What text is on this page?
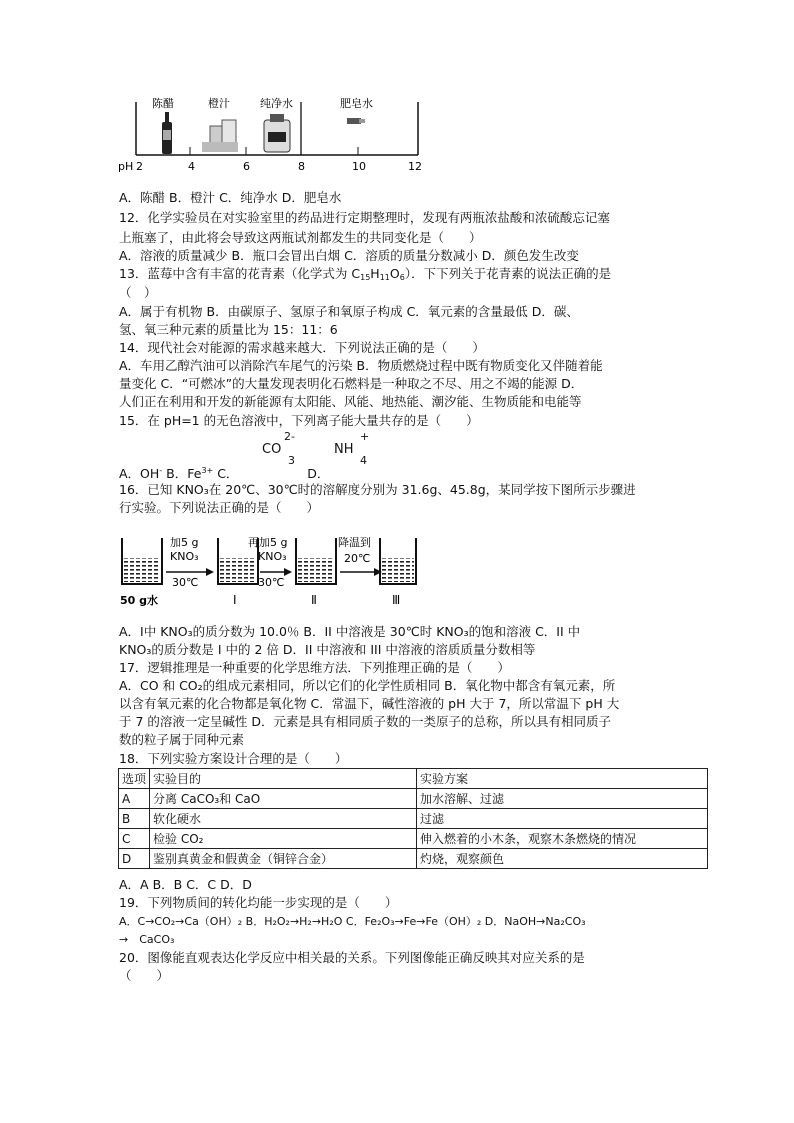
陈醋	橙汁	纯净水	肥皂水
pH 2	4	6	8	10	12
A．陈醋 B．橙汁 C．纯净水 D．肥皂水
12．化学实验员在对实验室里的药品进行定期整理时，发现有两瓶浓盐酸和浓硫酸忘记塞
上瓶塞了，由此将会导致这两瓶试剂都发生的共同变化是（　　）
A．溶液的质量减少 B．瓶口会冒出白烟 C．溶质的质量分数减小 D．颜色发生改变
13．蓝莓中含有丰富的花青素（化学式为 $C_{15}H_{11}O_6$）．下下列关于花青素的说法正确的是
（　）
A．属于有机物 B．由碳原子、氢原子和氧原子构成 C．氧元素的含量最低 D．碳、
氢、氧三种元素的质量比为 15：11：6
14．现代社会对能源的需求越来越大．下列说法正确的是（　　）
A．车用乙醇汽油可以消除汽车尾气的污染 B．物质燃烧过程中既有物质变化又伴随着能
量变化 C．“可燃冰”的大量发现表明化石燃料是一种取之不尽、用之不竭的能源 D．
人们正在利用和开发的新能源有太阳能、风能、地热能、潮汐能、生物质能和电能等
15．在 pH=1 的无色溶液中，下列离子能大量共存的是（　　）
2-
CO
3
+
NH
4
A．OH- B．$Fe^{3+}$ C．　　　　　　D．
16．已知 KNO₃在 20℃、30℃时的溶解度分别为 31.6g、45.8g，某同学按下图所示步骤进
行实验。下列说法正确的是（　　）
加5 g
KNO₃
30℃
再加5 g
KNO₃
30℃
降温到
20℃
50 g水	Ⅰ	Ⅱ	Ⅲ
A．Ⅰ中 KNO₃的质分数为 10.0％ B．II 中溶液是 30℃时 KNO₃的饱和溶液 C．II 中
KNO₃的质分数是 I 中的 2 倍 D．II 中溶液和 III 中溶液的溶质质量分数相等
17．逻辑推理是一种重要的化学思维方法．下列推理正确的是（　　）
A．CO 和 CO₂的组成元素相同，所以它们的化学性质相同 B．氧化物中都含有氧元素，所
以含有氧元素的化合物都是氧化物 C．常温下，碱性溶液的 pH 大于 7，所以常温下 pH 大
于 7 的溶液一定呈碱性 D．元素是具有相同质子数的一类原子的总称，所以具有相同质子
数的粒子属于同种元素
18．下列实验方案设计合理的是（　　）
选项	实验目的	实验方案
A	分离 CaCO₃和 CaO	加水溶解、过滤
B	软化硬水	过滤
C	检验 CO₂	伸入燃着的小木条，观察木条燃烧的情况
D	鉴别真黄金和假黄金（铜锌合金）	灼烧，观察颜色
A．A B．B C．C D．D
19．下列物质间的转化均能一步实现的是（　　）
A．C→CO₂→Ca（OH）₂ B．H₂O₂→H₂→H₂O C．Fe₂O₃→Fe→Fe（OH）₂ D．NaOH→Na₂CO₃
→　CaCO₃
20．图像能直观表达化学反应中相关最的关系。下列图像能正确反映其对应关系的是
（　　）
